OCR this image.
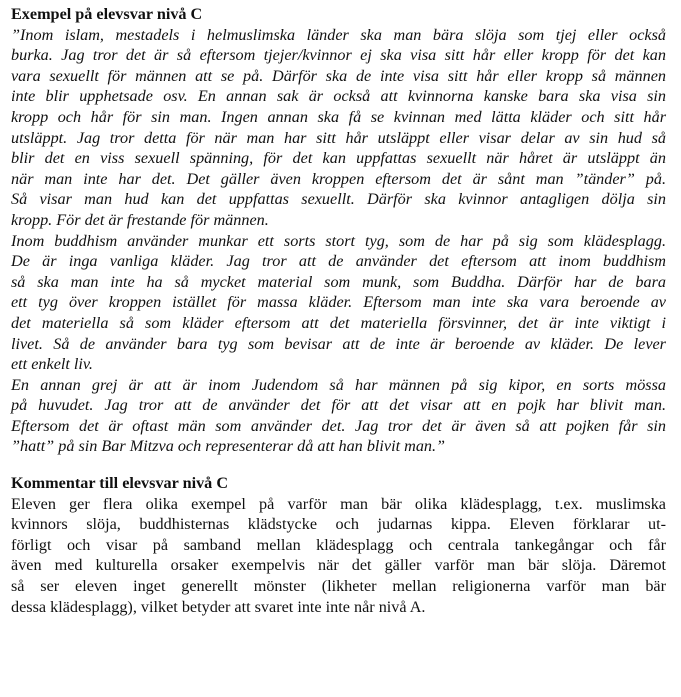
Exempel på elevsvar nivå C
”Inom islam, mestadels i helmuslimska länder ska man bära slöja som tjej eller också
burka. Jag tror det är så eftersom tjejer/kvinnor ej ska visa sitt hår eller kropp för det kan
vara sexuellt för männen att se på. Därför ska de inte visa sitt hår eller kropp så männen
inte blir upphetsade osv. En annan sak är också att kvinnorna kanske bara ska visa sin
kropp och hår för sin man. Ingen annan ska få se kvinnan med lätta kläder och sitt hår
utsläppt. Jag tror detta för när man har sitt hår utsläppt eller visar delar av sin hud så
blir det en viss sexuell spänning, för det kan uppfattas sexuellt när håret är utsläppt än
när man inte har det. Det gäller även kroppen eftersom det är sånt man ”tänder” på.
Så visar man hud kan det uppfattas sexuellt. Därför ska kvinnor antagligen dölja sin
kropp. För det är frestande för männen.
Inom buddhism använder munkar ett sorts stort tyg, som de har på sig som klädesplagg.
De är inga vanliga kläder. Jag tror att de använder det eftersom att inom buddhism
så ska man inte ha så mycket material som munk, som Buddha. Därför har de bara
ett tyg över kroppen istället för massa kläder. Eftersom man inte ska vara beroende av
det materiella så som kläder eftersom att det materiella försvinner, det är inte viktigt i
livet. Så de använder bara tyg som bevisar att de inte är beroende av kläder. De lever
ett enkelt liv.
En annan grej är att är inom Judendom så har männen på sig kipor, en sorts mössa
på huvudet. Jag tror att de använder det för att det visar att en pojk har blivit man.
Eftersom det är oftast män som använder det. Jag tror det är även så att pojken får sin
”hatt” på sin Bar Mitzva och representerar då att han blivit man.”
Kommentar till elevsvar nivå C
Eleven ger flera olika exempel på varför man bär olika klädesplagg, t.ex. muslimska
kvinnors slöja, buddhisternas klädstycke och judarnas kippa. Eleven förklarar ut-
förligt och visar på samband mellan klädesplagg och centrala tankegångar och får
även med kulturella orsaker exempelvis när det gäller varför man bär slöja. Däremot
så ser eleven inget generellt mönster (likheter mellan religionerna varför man bär
dessa klädesplagg), vilket betyder att svaret inte inte når nivå A.
